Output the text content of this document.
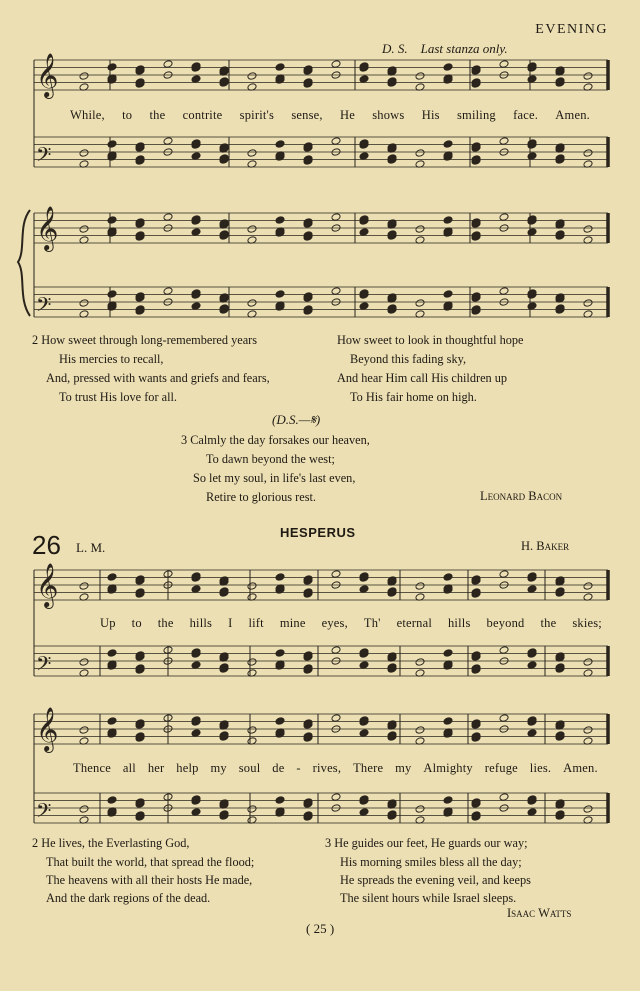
EVENING
D. S. Last stanza only.
𝄞
𝄢
𝄞
𝄢
𝄞
𝄢
𝄞
𝄢
While, to the contrite spirit's sense, He shows His smiling face. Amen.
Up to the hills I lift mine eyes, Th' eternal hills beyond the skies;
Thence all her help my soul de - rives, There my Almighty refuge lies. Amen.
2 How sweet through long-remembered years
His mercies to recall,
And, pressed with wants and griefs and fears,
To trust His love for all.
How sweet to look in thoughtful hope
Beyond this fading sky,
And hear Him call His children up
To His fair home on high.
(D.S.—𝄋)
3 Calmly the day forsakes our heaven,
To dawn beyond the west;
So let my soul, in life's last even,
Retire to glorious rest.	Leonard Bacon
26 L. M.
HESPERUS
H. Baker
2 He lives, the Everlasting God,
That built the world, that spread the flood;
The heavens with all their hosts He made,
And the dark regions of the dead.
3 He guides our feet, He guards our way;
His morning smiles bless all the day;
He spreads the evening veil, and keeps
The silent hours while Israel sleeps.
Isaac Watts
( 25 )
